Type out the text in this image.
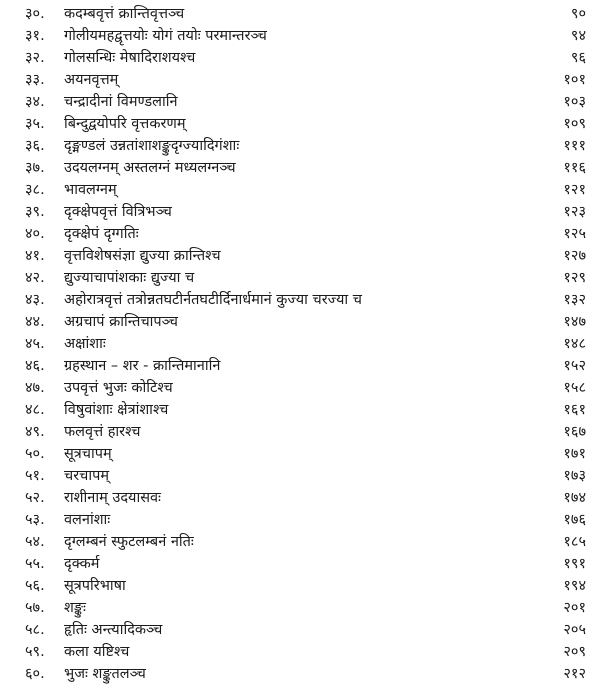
३०. कदम्बवृत्तं क्रान्तिवृत्तञ्च	९०
३१. गोलीयमहद्वृत्तयोः योगं तयोः परमान्तरञ्च	९४
३२. गोलसन्धिः मेषादिराशयश्च	९६
३३. अयनवृत्तम्	१०१
३४. चन्द्रादीनां विमण्डलानि	१०३
३५. बिन्दुद्वयोपरि वृत्तकरणम्	१०९
३६. दृङ्मण्डलं उन्नतांशाशङ्कुदृग्ज्यादिगंशाः	१११
३७. उदयलग्नम् अस्तलग्नं मध्यलग्नञ्च	११६
३८. भावलग्नम्	१२१
३९. दृक्क्षेपवृत्तं वित्रिभञ्च	१२३
४०. दृक्क्षेपं दृग्गतिः	१२५
४१. वृत्तविशेषसंज्ञा द्युज्या क्रान्तिश्च	१२७
४२. द्युज्याचापांशकाः द्युज्या च	१२९
४३. अहोरात्रवृत्तं तत्रोन्नतघटीर्नतघटीर्दिनार्धमानं कुज्या चरज्या च	१३२
४४. अग्रचापं क्रान्तिचापञ्च	१४७
४५. अक्षांशाः	१४८
४६. ग्रहस्थान – शर - क्रान्तिमानानि	१५२
४७. उपवृत्तं भुजः कोटिश्च	१५८
४८. विषुवांशाः क्षेत्रांशाश्च	१६१
४९. फलवृत्तं हारश्च	१६७
५०. सूत्रचापम्	१७१
५१. चरचापम्	१७३
५२. राशीनाम् उदयासवः	१७४
५३. वलनांशाः	१७६
५४. दृग्लम्बनं स्फुटलम्बनं नतिः	१८५
५५. दृक्कर्म	१९१
५६. सूत्रपरिभाषा	१९४
५७. शङ्कुः	२०१
५८. हृतिः अन्त्यादिकञ्च	२०५
५९. कला यष्टिश्च	२०९
६०. भुजः शङ्कुतलञ्च	२१२
